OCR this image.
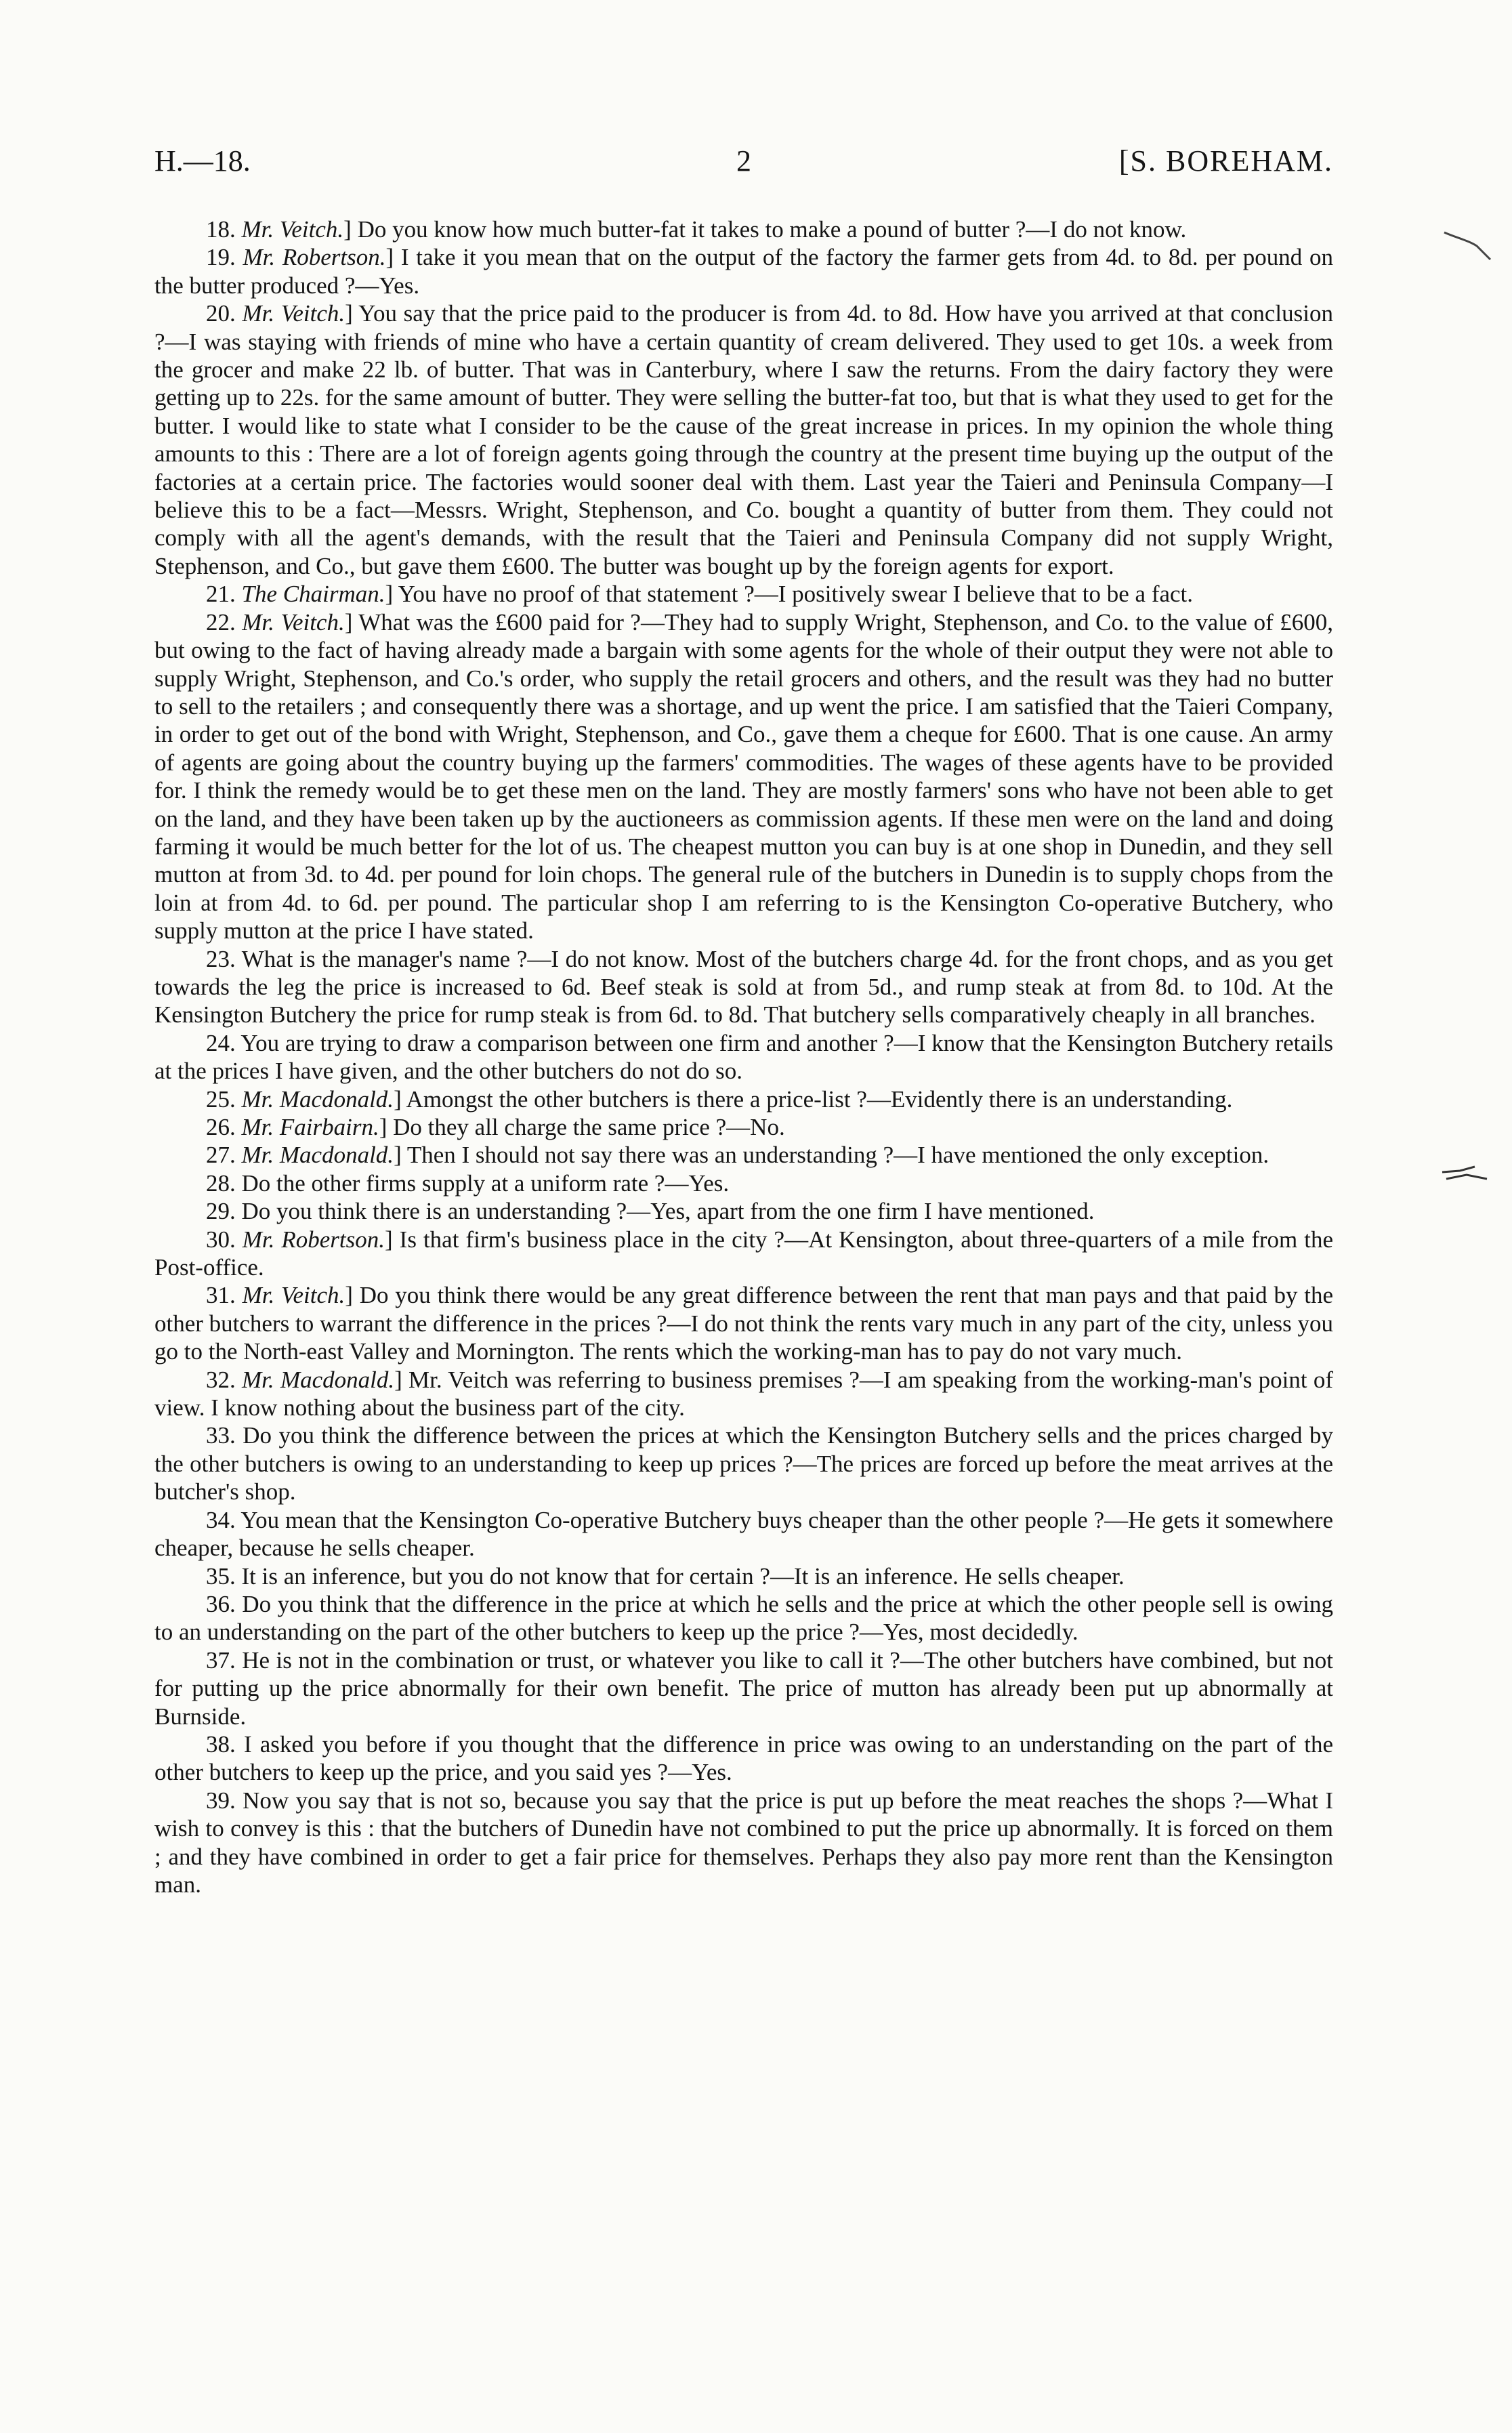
H.—18.	2	[S. BOREHAM.

18. Mr. Veitch.] Do you know how much butter-fat it takes to make a pound of butter ?—I do not know.

19. Mr. Robertson.] I take it you mean that on the output of the factory the farmer gets from 4d. to 8d. per pound on the butter produced ?—Yes.

20. Mr. Veitch.] You say that the price paid to the producer is from 4d. to 8d. How have you arrived at that conclusion ?—I was staying with friends of mine who have a certain quantity of cream delivered. They used to get 10s. a week from the grocer and make 22 lb. of butter. That was in Canterbury, where I saw the returns. From the dairy factory they were getting up to 22s. for the same amount of butter. They were selling the butter-fat too, but that is what they used to get for the butter. I would like to state what I consider to be the cause of the great increase in prices. In my opinion the whole thing amounts to this : There are a lot of foreign agents going through the country at the present time buying up the output of the factories at a certain price. The factories would sooner deal with them. Last year the Taieri and Peninsula Company—I believe this to be a fact—Messrs. Wright, Stephenson, and Co. bought a quantity of butter from them. They could not comply with all the agent's demands, with the result that the Taieri and Peninsula Company did not supply Wright, Stephenson, and Co., but gave them £600. The butter was bought up by the foreign agents for export.

21. The Chairman.] You have no proof of that statement ?—I positively swear I believe that to be a fact.

22. Mr. Veitch.] What was the £600 paid for ?—They had to supply Wright, Stephenson, and Co. to the value of £600, but owing to the fact of having already made a bargain with some agents for the whole of their output they were not able to supply Wright, Stephenson, and Co.'s order, who supply the retail grocers and others, and the result was they had no butter to sell to the retailers ; and consequently there was a shortage, and up went the price. I am satisfied that the Taieri Company, in order to get out of the bond with Wright, Stephenson, and Co., gave them a cheque for £600. That is one cause. An army of agents are going about the country buying up the farmers' commodities. The wages of these agents have to be provided for. I think the remedy would be to get these men on the land. They are mostly farmers' sons who have not been able to get on the land, and they have been taken up by the auctioneers as commission agents. If these men were on the land and doing farming it would be much better for the lot of us. The cheapest mutton you can buy is at one shop in Dunedin, and they sell mutton at from 3d. to 4d. per pound for loin chops. The general rule of the butchers in Dunedin is to supply chops from the loin at from 4d. to 6d. per pound. The particular shop I am referring to is the Kensington Co-operative Butchery, who supply mutton at the price I have stated.

23. What is the manager's name ?—I do not know. Most of the butchers charge 4d. for the front chops, and as you get towards the leg the price is increased to 6d. Beef steak is sold at from 5d., and rump steak at from 8d. to 10d. At the Kensington Butchery the price for rump steak is from 6d. to 8d. That butchery sells comparatively cheaply in all branches.

24. You are trying to draw a comparison between one firm and another ?—I know that the Kensington Butchery retails at the prices I have given, and the other butchers do not do so.

25. Mr. Macdonald.] Amongst the other butchers is there a price-list ?—Evidently there is an understanding.

26. Mr. Fairbairn.] Do they all charge the same price ?—No.

27. Mr. Macdonald.] Then I should not say there was an understanding ?—I have mentioned the only exception.

28. Do the other firms supply at a uniform rate ?—Yes.

29. Do you think there is an understanding ?—Yes, apart from the one firm I have mentioned.

30. Mr. Robertson.] Is that firm's business place in the city ?—At Kensington, about three-quarters of a mile from the Post-office.

31. Mr. Veitch.] Do you think there would be any great difference between the rent that man pays and that paid by the other butchers to warrant the difference in the prices ?—I do not think the rents vary much in any part of the city, unless you go to the North-east Valley and Mornington. The rents which the working-man has to pay do not vary much.

32. Mr. Macdonald.] Mr. Veitch was referring to business premises ?—I am speaking from the working-man's point of view. I know nothing about the business part of the city.

33. Do you think the difference between the prices at which the Kensington Butchery sells and the prices charged by the other butchers is owing to an understanding to keep up prices ?—The prices are forced up before the meat arrives at the butcher's shop.

34. You mean that the Kensington Co-operative Butchery buys cheaper than the other people ?—He gets it somewhere cheaper, because he sells cheaper.

35. It is an inference, but you do not know that for certain ?—It is an inference. He sells cheaper.

36. Do you think that the difference in the price at which he sells and the price at which the other people sell is owing to an understanding on the part of the other butchers to keep up the price ?—Yes, most decidedly.

37. He is not in the combination or trust, or whatever you like to call it ?—The other butchers have combined, but not for putting up the price abnormally for their own benefit. The price of mutton has already been put up abnormally at Burnside.

38. I asked you before if you thought that the difference in price was owing to an understanding on the part of the other butchers to keep up the price, and you said yes ?—Yes.

39. Now you say that is not so, because you say that the price is put up before the meat reaches the shops ?—What I wish to convey is this : that the butchers of Dunedin have not combined to put the price up abnormally. It is forced on them ; and they have combined in order to get a fair price for themselves. Perhaps they also pay more rent than the Kensington man.
